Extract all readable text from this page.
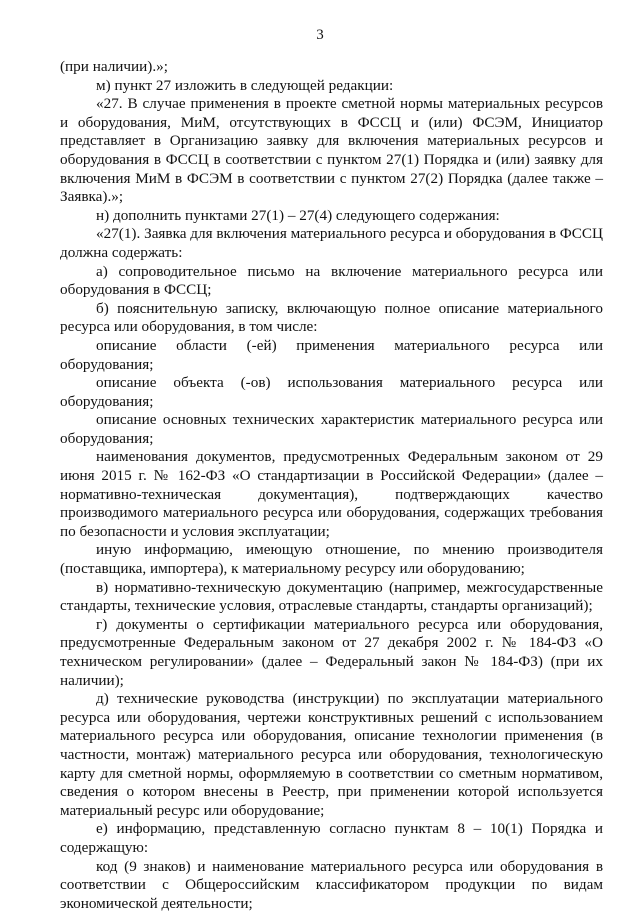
3

(при наличии).»;

м) пункт 27 изложить в следующей редакции:

«27. В случае применения в проекте сметной нормы материальных ресурсов и оборудования, МиМ, отсутствующих в ФССЦ и (или) ФСЭМ, Инициатор представляет в Организацию заявку для включения материальных ресурсов и оборудования в ФССЦ в соответствии с пунктом 27(1) Порядка и (или) заявку для включения МиМ в ФСЭМ в соответствии с пунктом 27(2) Порядка (далее также – Заявка).»;

н) дополнить пунктами 27(1) – 27(4) следующего содержания:

«27(1). Заявка для включения материального ресурса и оборудования в ФССЦ должна содержать:

а) сопроводительное письмо на включение материального ресурса или оборудования в ФССЦ;

б) пояснительную записку, включающую полное описание материального ресурса или оборудования, в том числе:

описание области (-ей) применения материального ресурса или оборудования;

описание объекта (-ов) использования материального ресурса или оборудования;

описание основных технических характеристик материального ресурса или оборудования;

наименования документов, предусмотренных Федеральным законом от 29 июня 2015 г. № 162-ФЗ «О стандартизации в Российской Федерации» (далее – нормативно-техническая документация), подтверждающих качество производимого материального ресурса или оборудования, содержащих требования по безопасности и условия эксплуатации;

иную информацию, имеющую отношение, по мнению производителя (поставщика, импортера), к материальному ресурсу или оборудованию;

в) нормативно-техническую документацию (например, межгосударственные стандарты, технические условия, отраслевые стандарты, стандарты организаций);

г) документы о сертификации материального ресурса или оборудования, предусмотренные Федеральным законом от 27 декабря 2002 г. № 184-ФЗ «О техническом регулировании» (далее – Федеральный закон № 184-ФЗ) (при их наличии);

д) технические руководства (инструкции) по эксплуатации материального ресурса или оборудования, чертежи конструктивных решений с использованием материального ресурса или оборудования, описание технологии применения (в частности, монтаж) материального ресурса или оборудования, технологическую карту для сметной нормы, оформляемую в соответствии со сметным нормативом, сведения о котором внесены в Реестр, при применении которой используется материальный ресурс или оборудование;

е) информацию, представленную согласно пунктам 8 – 10(1) Порядка и содержащую:

код (9 знаков) и наименование материального ресурса или оборудования в соответствии с Общероссийским классификатором продукции по видам экономической деятельности;
